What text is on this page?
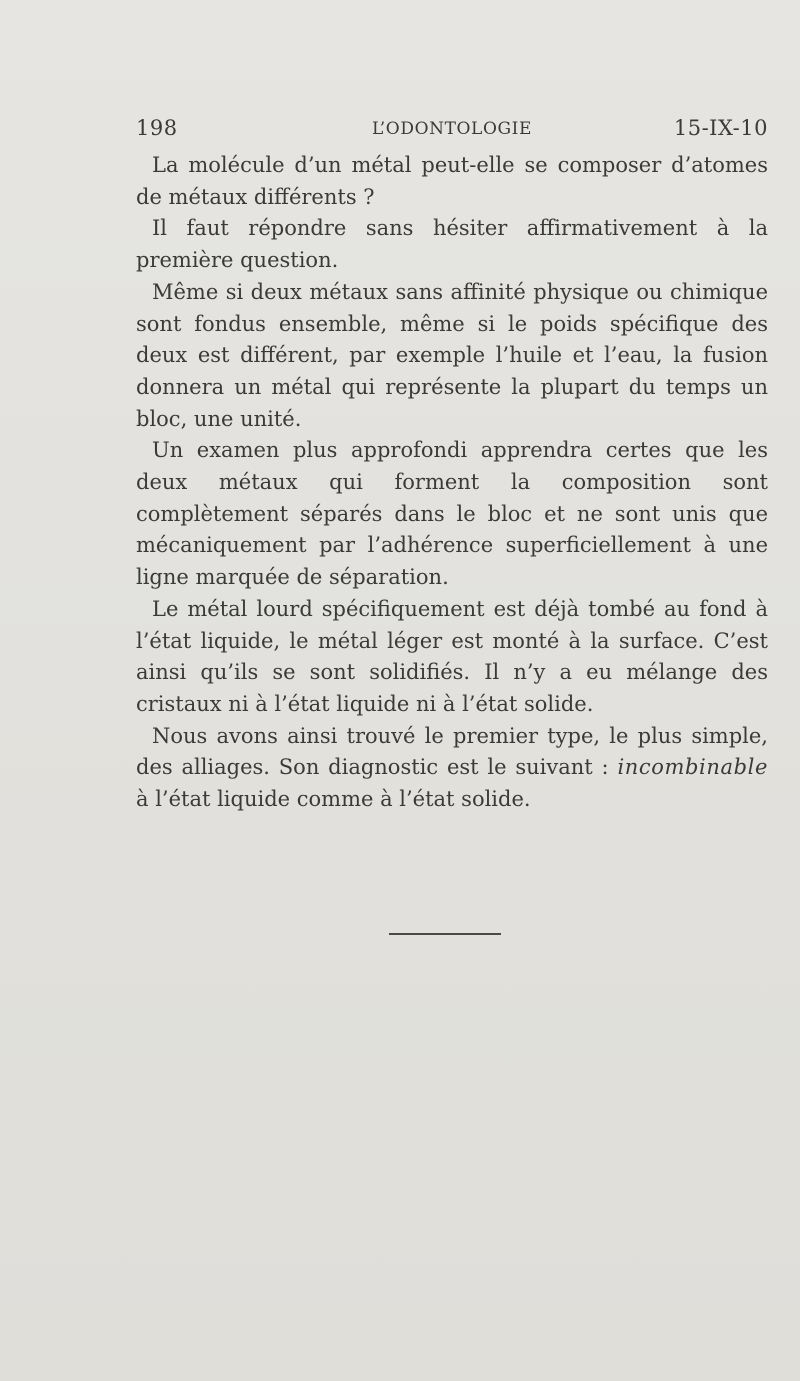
198	L’ODONTOLOGIE	15-IX-10

La molécule d’un métal peut-elle se composer d’atomes de métaux différents ?

Il faut répondre sans hésiter affirmativement à la première question.

Même si deux métaux sans affinité physique ou chimique sont fondus ensemble, même si le poids spécifique des deux est différent, par exemple l’huile et l’eau, la fusion donnera un métal qui représente la plupart du temps un bloc, une unité.

Un examen plus approfondi apprendra certes que les deux métaux qui forment la composition sont complètement séparés dans le bloc et ne sont unis que mécaniquement par l’adhérence superficiellement à une ligne marquée de séparation.

Le métal lourd spécifiquement est déjà tombé au fond à l’état liquide, le métal léger est monté à la surface. C’est ainsi qu’ils se sont solidifiés. Il n’y a eu mélange des cristaux ni à l’état liquide ni à l’état solide.

Nous avons ainsi trouvé le premier type, le plus simple, des alliages. Son diagnostic est le suivant : incombinable à l’état liquide comme à l’état solide.
